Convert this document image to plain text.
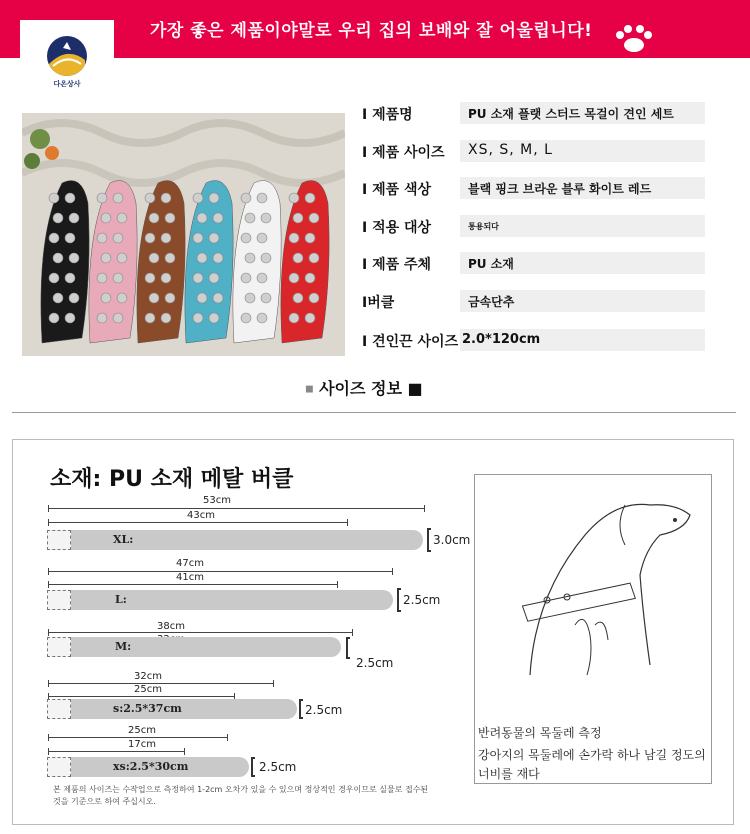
가장 좋은 제품이야말로 우리 집의 보배와 잘 어울립니다!
다온상사
I 제품명	PU 소재 플랫 스터드 목걸이 견인 세트
I 제품 사이즈	XS, S, M, L
I 제품 색상	블랙 핑크 브라운 블루 화이트 레드
I 적용 대상	통용되다
I 제품 주체	PU 소재
I버클	금속단추
I 견인끈 사이즈 2.0*120cm
■ 사이즈 정보 ■
소재: PU 소재 메탈 버클
53cm
43cm
XL:	3.0cm
47cm
41cm
L:	2.5cm
38cm
M:
2.5cm
32cm
25cm
s:2.5*37cm	2.5cm
25cm
17cm
xs:2.5*30cm	2.5cm
반려동물의 목둘레 측정
강아지의 목둘레에 손가락 하나 남길 정도의
너비를 재다
본 제품의 사이즈는 수작업으로 측정하여 1-2cm 오차가 있을 수 있으며 정상적인 경우이므로 실물로 접수된 것을 기준으로 하여 주십시오.
